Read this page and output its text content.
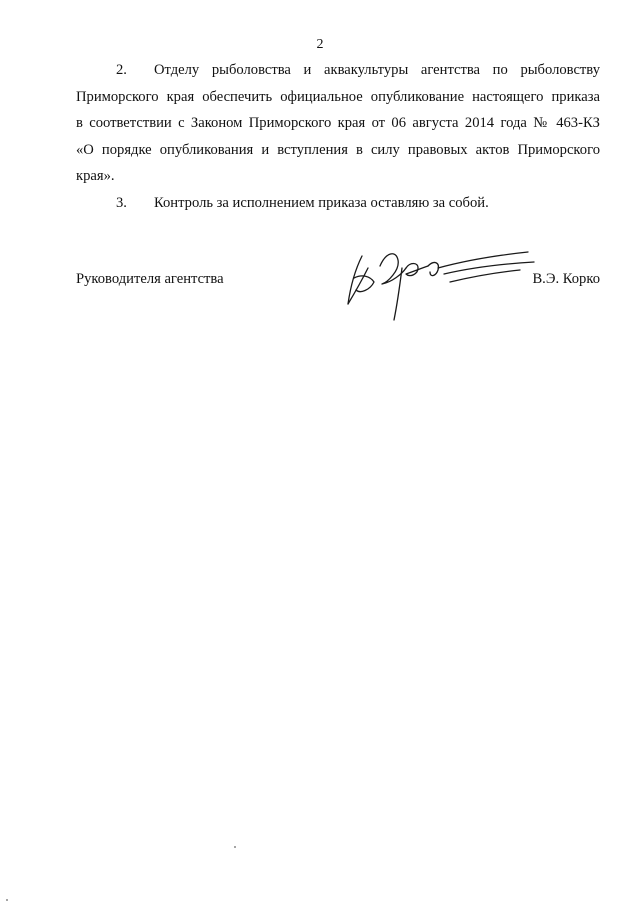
2
2. Отделу рыболовства и аквакультуры агентства по рыболовству
Приморского края обеспечить официальное опубликование настоящего приказа
в соответствии с Законом Приморского края от 06 августа 2014 года № 463-КЗ
«О порядке опубликования и вступления в силу правовых актов Приморского
края».
3. Контроль за исполнением приказа оставляю за собой.
Руководителя агентства	В.Э. Корко
